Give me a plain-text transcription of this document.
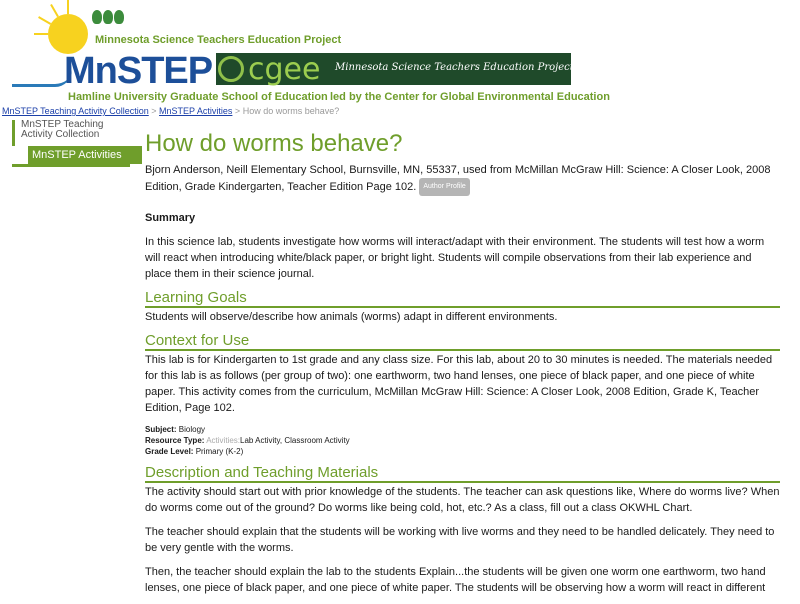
Minnesota Science Teachers Education Project
MnSTEP cgee Minnesota Science Teachers Education Project
Hamline University Graduate School of Education led by the Center for Global Environmental Education
MnSTEP Teaching Activity Collection > MnSTEP Activities > How do worms behave?
MnSTEP Teaching Activity Collection
MnSTEP Activities How do worms behave?

Bjorn Anderson, Neill Elementary School, Burnsville, MN, 55337, used from McMillan McGraw Hill: Science: A Closer Look, 2008 Edition, Grade Kindergarten, Teacher Edition Page 102. Author Profile

Summary

In this science lab, students investigate how worms will interact/adapt with their environment. The students will test how a worm will react when introducing white/black paper, or bright light. Students will compile observations from their lab experience and place them in their science journal.

Learning Goals

Students will observe/describe how animals (worms) adapt in different environments.

Context for Use

This lab is for Kindergarten to 1st grade and any class size. For this lab, about 20 to 30 minutes is needed. The materials needed for this lab is as follows (per group of two): one earthworm, two hand lenses, one piece of black paper, and one piece of white paper. This activity comes from the curriculum, McMillan McGraw Hill: Science: A Closer Look, 2008 Edition, Grade K, Teacher Edition, Page 102.

Subject: Biology
Resource Type: Activities:Lab Activity, Classroom Activity
Grade Level: Primary (K-2)
Description and Teaching Materials

The activity should start out with prior knowledge of the students. The teacher can ask questions like, Where do worms live? When do worms come out of the ground? Do worms like being cold, hot, etc.? As a class, fill out a class OKWHL Chart.

The teacher should explain that the students will be working with live worms and they need to be handled delicately. They need to be very gentle with the worms.

Then, the teacher should explain the lab to the students Explain...the students will be given one worm one earthworm, two hand lenses, one piece of black paper, and one piece of white paper. The students will be observing how a worm will react in different
